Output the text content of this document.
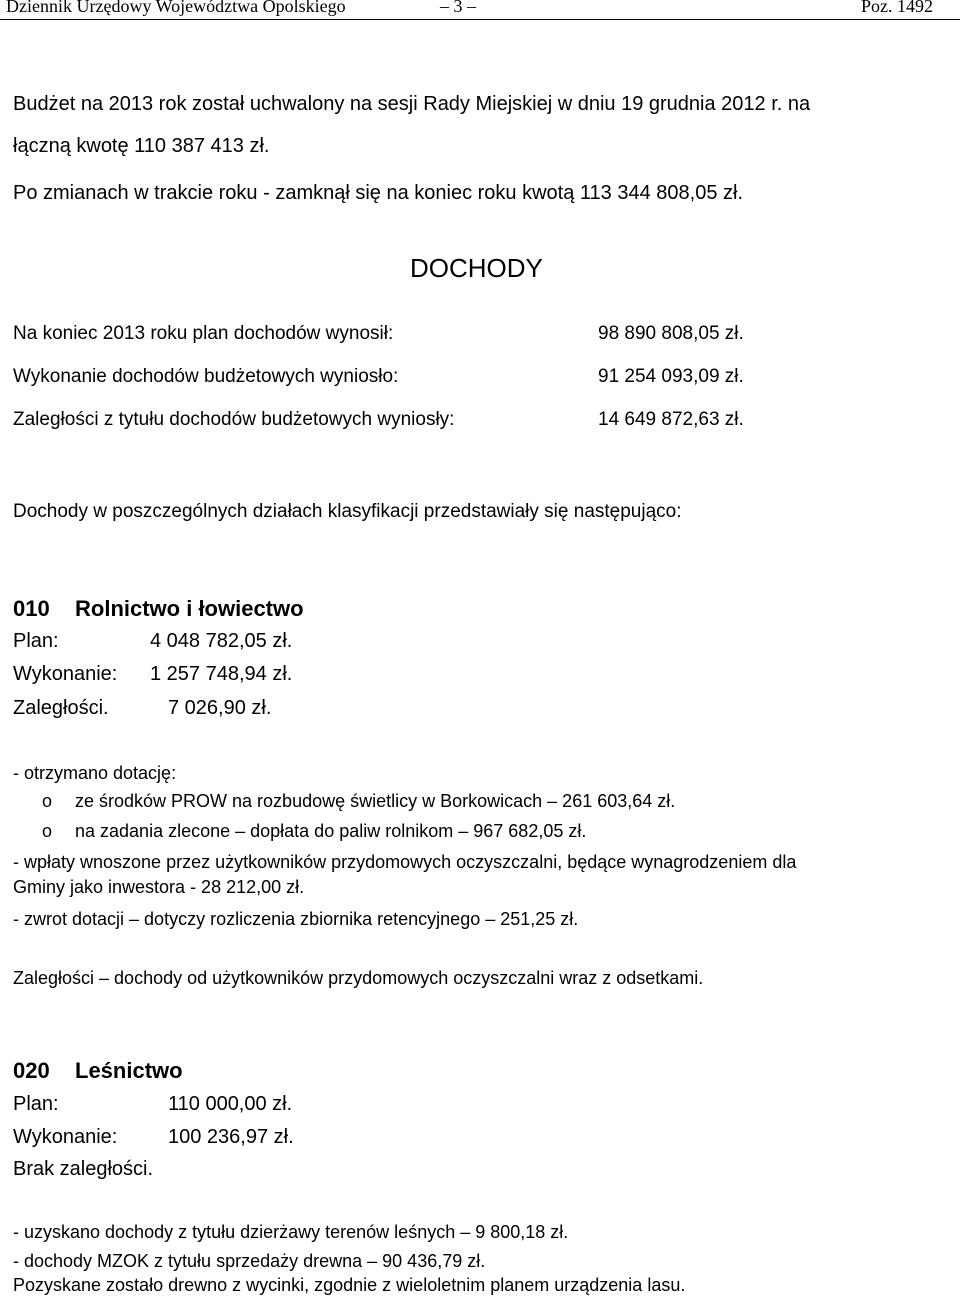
Dziennik Urzędowy Województwa Opolskiego	– 3 –	Poz. 1492
Budżet na 2013 rok został uchwalony na sesji Rady Miejskiej w dniu 19 grudnia 2012 r. na
łączną kwotę 110 387 413 zł.
Po zmianach w trakcie roku - zamknął się na koniec roku kwotą 113 344 808,05 zł.
DOCHODY
Na koniec 2013 roku plan dochodów wynosił:	98 890 808,05 zł.
Wykonanie dochodów budżetowych wyniosło:	91 254 093,09 zł.
Zaległości z tytułu dochodów budżetowych wyniosły:	14 649 872,63 zł.
Dochody w poszczególnych działach klasyfikacji przedstawiały się następująco:
010 Rolnictwo i łowiectwo
Plan:	4 048 782,05 zł.
Wykonanie: 1 257 748,94 zł.
Zaległości.	7 026,90 zł.
- otrzymano dotację:
o ze środków PROW na rozbudowę świetlicy w Borkowicach – 261 603,64 zł.
o na zadania zlecone – dopłata do paliw rolnikom – 967 682,05 zł.
- wpłaty wnoszone przez użytkowników przydomowych oczyszczalni, będące wynagrodzeniem dla
Gminy jako inwestora - 28 212,00 zł.
- zwrot dotacji – dotyczy rozliczenia zbiornika retencyjnego – 251,25 zł.
Zaległości – dochody od użytkowników przydomowych oczyszczalni wraz z odsetkami.
020 Leśnictwo
Plan:	110 000,00 zł.
Wykonanie:	100 236,97 zł.
Brak zaległości.
- uzyskano dochody z tytułu dzierżawy terenów leśnych – 9 800,18 zł.
- dochody MZOK z tytułu sprzedaży drewna – 90 436,79 zł.
Pozyskane zostało drewno z wycinki, zgodnie z wieloletnim planem urządzenia lasu.
